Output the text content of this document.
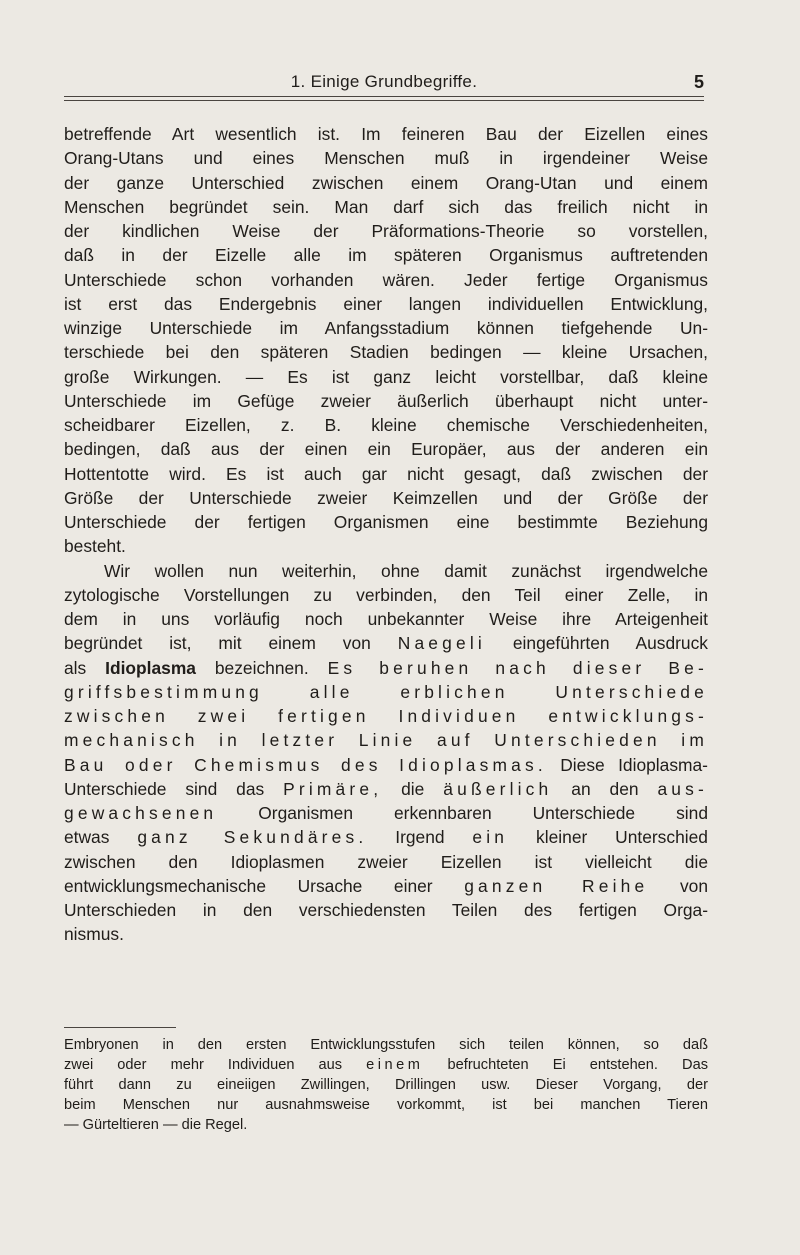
1. Einige Grundbegriffe.	5
betreffende Art wesentlich ist. Im feineren Bau der Eizellen eines
Orang-Utans und eines Menschen muß in irgendeiner Weise
der ganze Unterschied zwischen einem Orang-Utan und einem
Menschen begründet sein. Man darf sich das freilich nicht in
der kindlichen Weise der Präformations-Theorie so vorstellen,
daß in der Eizelle alle im späteren Organismus auftretenden
Unterschiede schon vorhanden wären. Jeder fertige Organismus
ist erst das Endergebnis einer langen individuellen Entwicklung,
winzige Unterschiede im Anfangsstadium können tiefgehende Un-
terschiede bei den späteren Stadien bedingen — kleine Ursachen,
große Wirkungen. — Es ist ganz leicht vorstellbar, daß kleine
Unterschiede im Gefüge zweier äußerlich überhaupt nicht unter-
scheidbarer Eizellen, z. B. kleine chemische Verschiedenheiten,
bedingen, daß aus der einen ein Europäer, aus der anderen ein
Hottentotte wird. Es ist auch gar nicht gesagt, daß zwischen der
Größe der Unterschiede zweier Keimzellen und der Größe der
Unterschiede der fertigen Organismen eine bestimmte Beziehung
besteht.
Wir wollen nun weiterhin, ohne damit zunächst irgendwelche
zytologische Vorstellungen zu verbinden, den Teil einer Zelle, in
dem in uns vorläufig noch unbekannter Weise ihre Arteigenheit
begründet ist, mit einem von Naegeli eingeführten Ausdruck
als Idioplasma bezeichnen. Es beruhen nach dieser Be-
griffsbestimmung alle erblichen Unterschiede
zwischen zwei fertigen Individuen entwicklungs-
mechanisch in letzter Linie auf Unterschieden im
Bau oder Chemismus des Idioplasmas. Diese Idioplasma-
Unterschiede sind das Primäre, die äußerlich an den aus-
gewachsenen Organismen erkennbaren Unterschiede sind
etwas ganz Sekundäres. Irgend ein kleiner Unterschied
zwischen den Idioplasmen zweier Eizellen ist vielleicht die
entwicklungsmechanische Ursache einer ganzen Reihe von
Unterschieden in den verschiedensten Teilen des fertigen Orga-
nismus.
Embryonen in den ersten Entwicklungsstufen sich teilen können, so daß
zwei oder mehr Individuen aus einem befruchteten Ei entstehen. Das
führt dann zu eineiigen Zwillingen, Drillingen usw. Dieser Vorgang, der
beim Menschen nur ausnahmsweise vorkommt, ist bei manchen Tieren
— Gürteltieren — die Regel.
